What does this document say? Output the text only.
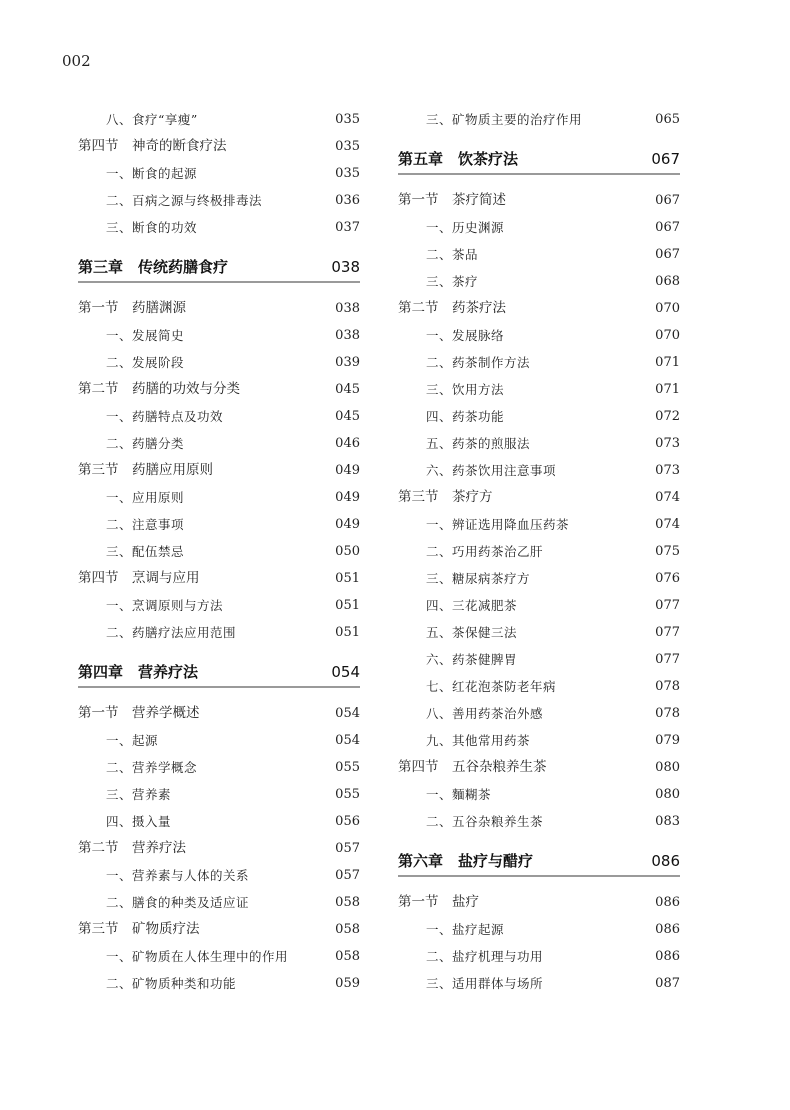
002
八、食疗“享瘦”	035
第四节　神奇的断食疗法	035
一、断食的起源	035
二、百病之源与终极排毒法	036
三、断食的功效	037
第三章　传统药膳食疗	038
第一节　药膳渊源	038
一、发展简史	038
二、发展阶段	039
第二节　药膳的功效与分类	045
一、药膳特点及功效	045
二、药膳分类	046
第三节　药膳应用原则	049
一、应用原则	049
二、注意事项	049
三、配伍禁忌	050
第四节　烹调与应用	051
一、烹调原则与方法	051
二、药膳疗法应用范围	051
第四章　营养疗法	054
第一节　营养学概述	054
一、起源	054
二、营养学概念	055
三、营养素	055
四、摄入量	056
第二节　营养疗法	057
一、营养素与人体的关系	057
二、膳食的种类及适应证	058
第三节　矿物质疗法	058
一、矿物质在人体生理中的作用	058
二、矿物质种类和功能	059
三、矿物质主要的治疗作用	065
第五章　饮茶疗法	067
第一节　茶疗简述	067
一、历史渊源	067
二、茶品	067
三、茶疗	068
第二节　药茶疗法	070
一、发展脉络	070
二、药茶制作方法	071
三、饮用方法	071
四、药茶功能	072
五、药茶的煎服法	073
六、药茶饮用注意事项	073
第三节　茶疗方	074
一、辨证选用降血压药茶	074
二、巧用药茶治乙肝	075
三、糖尿病茶疗方	076
四、三花减肥茶	077
五、茶保健三法	077
六、药茶健脾胃	077
七、红花泡茶防老年病	078
八、善用药茶治外感	078
九、其他常用药茶	079
第四节　五谷杂粮养生茶	080
一、麵糊茶	080
二、五谷杂粮养生茶	083
第六章　盐疗与醋疗	086
第一节　盐疗	086
一、盐疗起源	086
二、盐疗机理与功用	086
三、适用群体与场所	087
